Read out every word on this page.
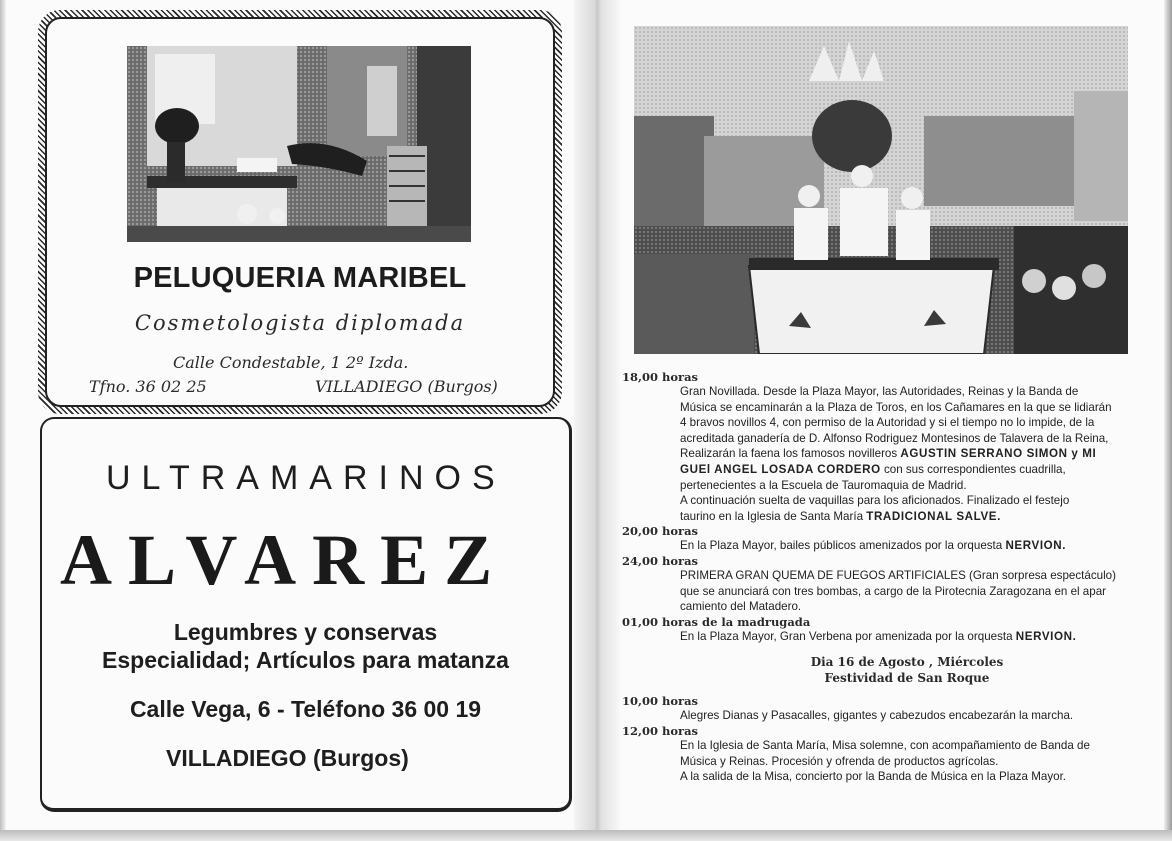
PELUQUERIA MARIBEL
Cosmetologista diplomada
Calle Condestable, 1 2º Izda.
Tfno. 36 02 25	VILLADIEGO (Burgos)
ULTRAMARINOS
ALVAREZ
Legumbres y conservas
Especialidad; Artículos para matanza
Calle Vega, 6 - Teléfono 36 00 19
VILLADIEGO (Burgos)
18,00 horas

Gran Novillada. Desde la Plaza Mayor, las Autoridades, Reinas y la Banda de

Música se encaminarán a la Plaza de Toros, en los Cañamares en la que se lidiarán

4 bravos novillos 4, con permiso de la Autoridad y si el tiempo no lo impide, de la

acreditada ganadería de D. Alfonso Rodriguez Montesinos de Talavera de la Reina,

Realizarán la faena los famosos novilleros AGUSTIN SERRANO SIMON y MI

GUEl ANGEL LOSADA CORDERO con sus correspondientes cuadrilla,

pertenecientes a la Escuela de Tauromaquia de Madrid.

A continuación suelta de vaquillas para los aficionados. Finalizado el festejo

taurino en la Iglesia de Santa María TRADICIONAL SALVE.

20,00 horas

En la Plaza Mayor, bailes públicos amenizados por la orquesta NERVION.

24,00 horas

PRIMERA GRAN QUEMA DE FUEGOS ARTIFICIALES (Gran sorpresa espectáculo)

que se anunciará con tres bombas, a cargo de la Pirotecnia Zaragozana en el apar

camiento del Matadero.

01,00 horas de la madrugada

En la Plaza Mayor, Gran Verbena por amenizada por la orquesta NERVION.

Dia 16 de Agosto , Miércoles
Festividad de San Roque
10,00 horas

Alegres Dianas y Pasacalles, gigantes y cabezudos encabezarán la marcha.

12,00 horas

En la Iglesia de Santa María, Misa solemne, con acompañamiento de Banda de

Música y Reinas. Procesión y ofrenda de productos agrícolas.

A la salida de la Misa, concierto por la Banda de Música en la Plaza Mayor.
